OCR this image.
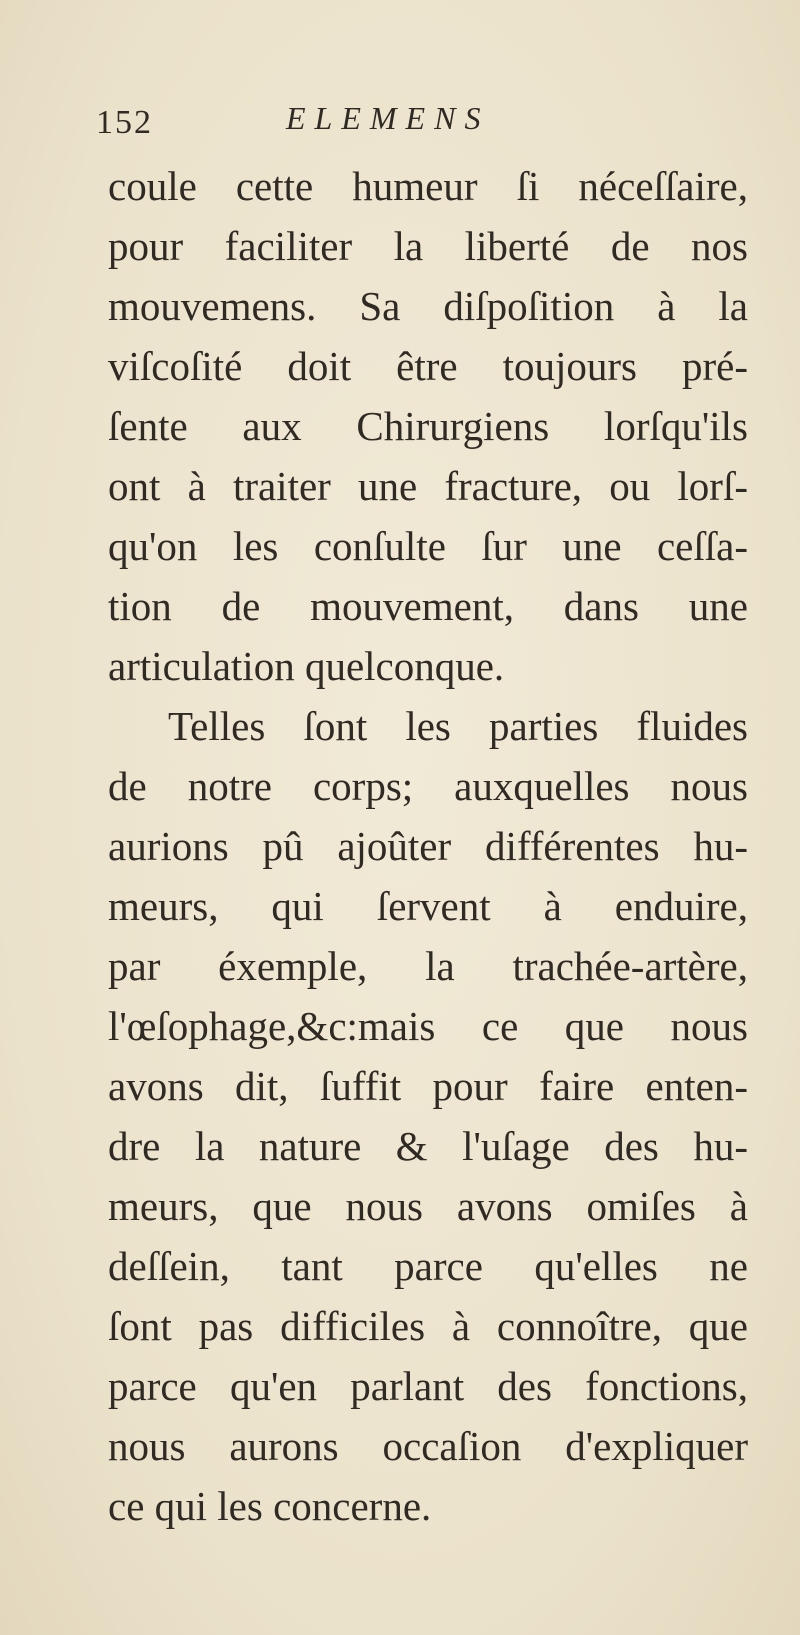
152	ELEMENS
coule cette humeur ſi néceſſaire,
pour faciliter la liberté de nos
mouvemens. Sa diſpoſition à la
viſcoſité doit être toujours pré-
ſente aux Chirurgiens lorſqu'ils
ont à traiter une fracture, ou lorſ-
qu'on les conſulte ſur une ceſſa-
tion de mouvement, dans une
articulation quelconque.
Telles ſont les parties fluides
de notre corps; auxquelles nous
aurions pû ajoûter différentes hu-
meurs, qui ſervent à enduire,
par éxemple, la trachée-artère,
l'œſophage,&c:mais ce que nous
avons dit, ſuffit pour faire enten-
dre la nature & l'uſage des hu-
meurs, que nous avons omiſes à
deſſein, tant parce qu'elles ne
ſont pas difficiles à connoître, que
parce qu'en parlant des fonctions,
nous aurons occaſion d'expliquer
ce qui les concerne.
